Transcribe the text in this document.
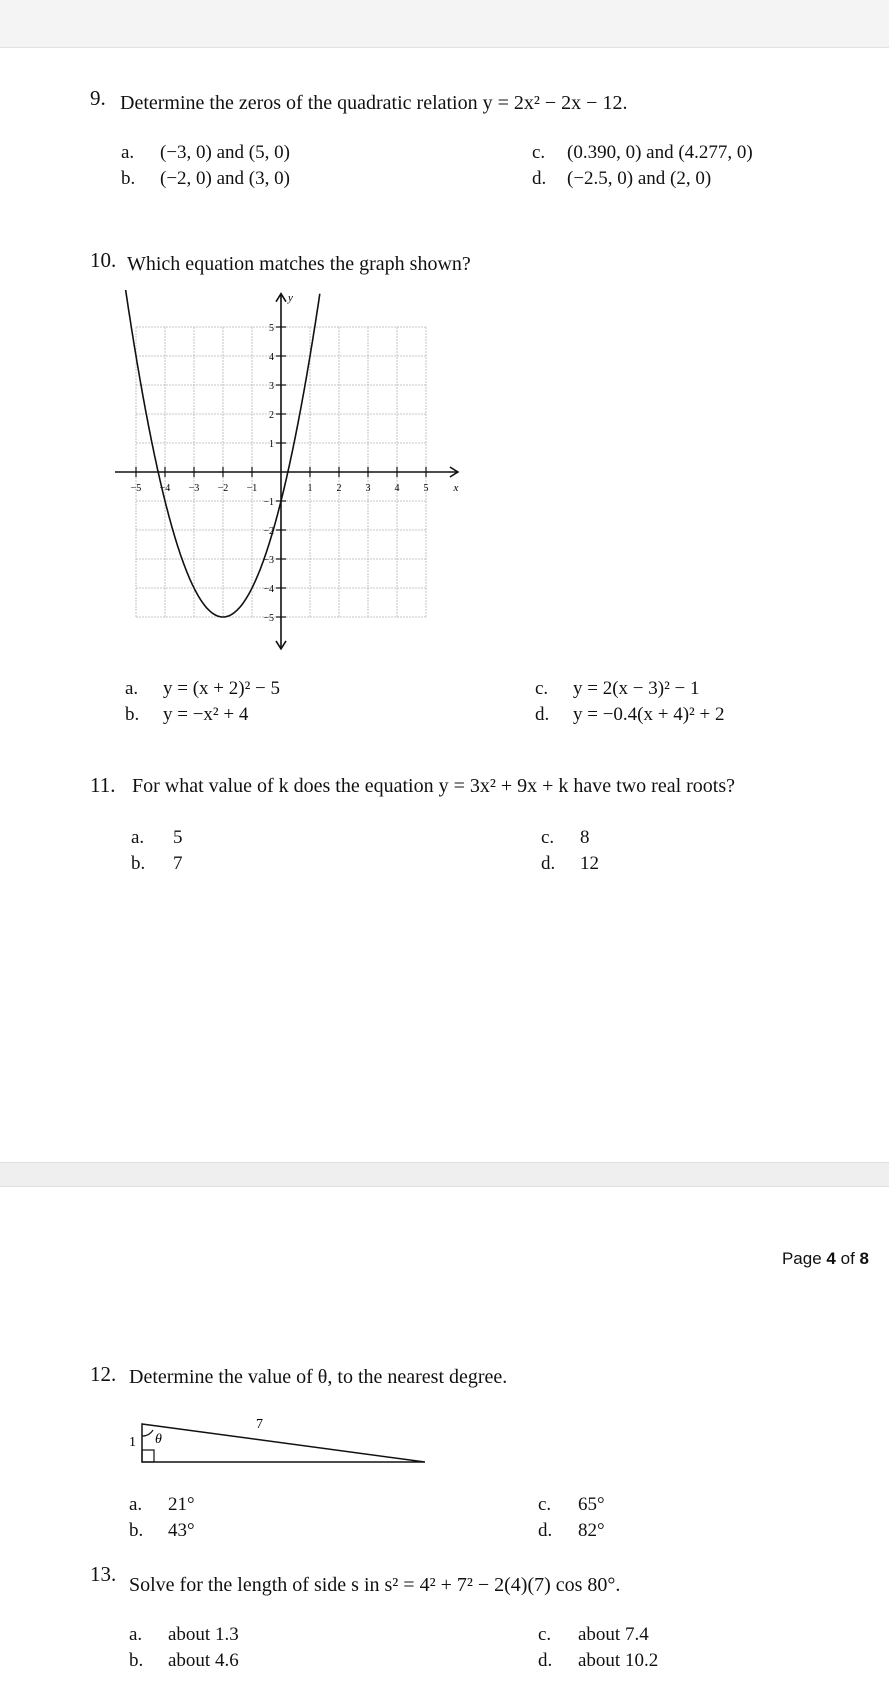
9. Determine the zeros of the quadratic relation y = 2x² − 2x − 12.
a. (−3, 0) and (5, 0)
b. (−2, 0) and (3, 0)
c. (0.390, 0) and (4.277, 0)
d. (−2.5, 0) and (2, 0)
10. Which equation matches the graph shown?
x
y
−5 −4 −3 −2 −1	1 2 3 4 5
5
4
3
2
1
−1
−2
−3
−4
−5
a. y = (x + 2)² − 5
b. y = −x² + 4
c. y = 2(x − 3)² − 1
d. y = −0.4(x + 4)² + 2
11. For what value of k does the equation y = 3x² + 9x + k have two real roots?
a. 5
b. 7
c. 8
d. 12
Page 4 of 8
12. Determine the value of θ, to the nearest degree.
7
1 θ
a. 21°
b. 43°
c. 65°
d. 82°
13. Solve for the length of side s in s² = 4² + 7² − 2(4)(7) cos 80°.
a. about 1.3
b. about 4.6
c. about 7.4
d. about 10.2
